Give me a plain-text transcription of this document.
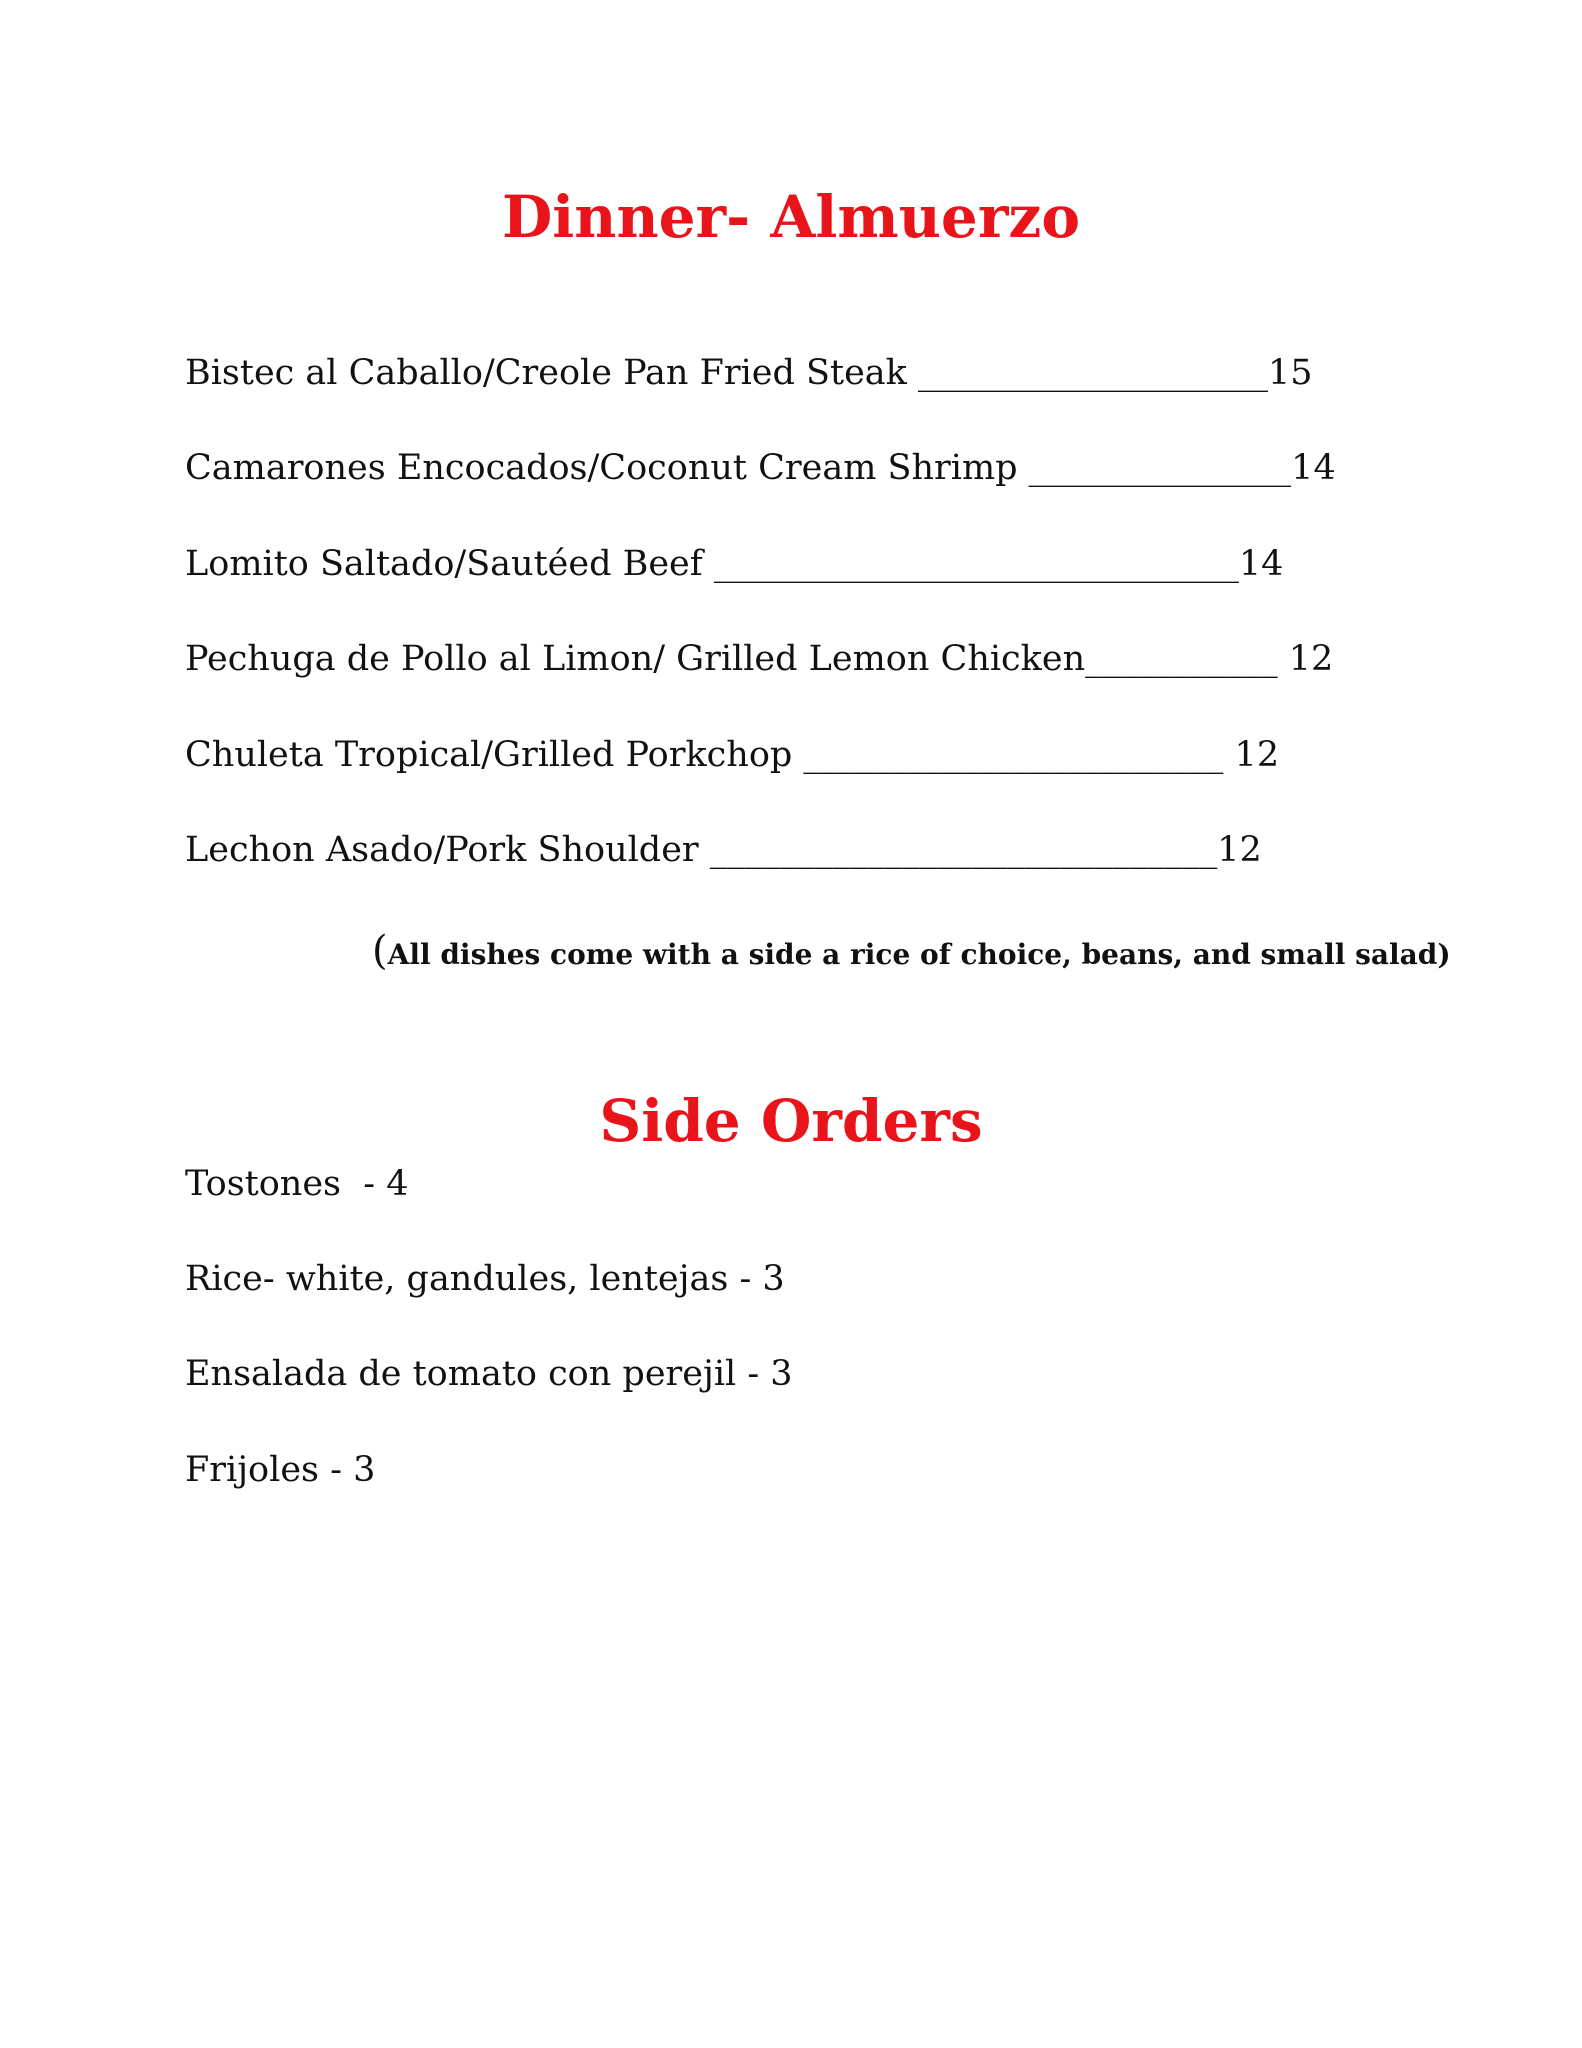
Dinner- Almuerzo
Bistec al Caballo/Creole Pan Fried Steak ____________________15
Camarones Encocados/Coconut Cream Shrimp _______________14
Lomito Saltado/Sautéed Beef ______________________________14
Pechuga de Pollo al Limon/ Grilled Lemon Chicken___________ 12
Chuleta Tropical/Grilled Porkchop ________________________ 12
Lechon Asado/Pork Shoulder _____________________________12
(All dishes come with a side a rice of choice, beans, and small salad)
Side Orders
Tostones  - 4
Rice- white, gandules, lentejas - 3
Ensalada de tomato con perejil - 3
Frijoles - 3
